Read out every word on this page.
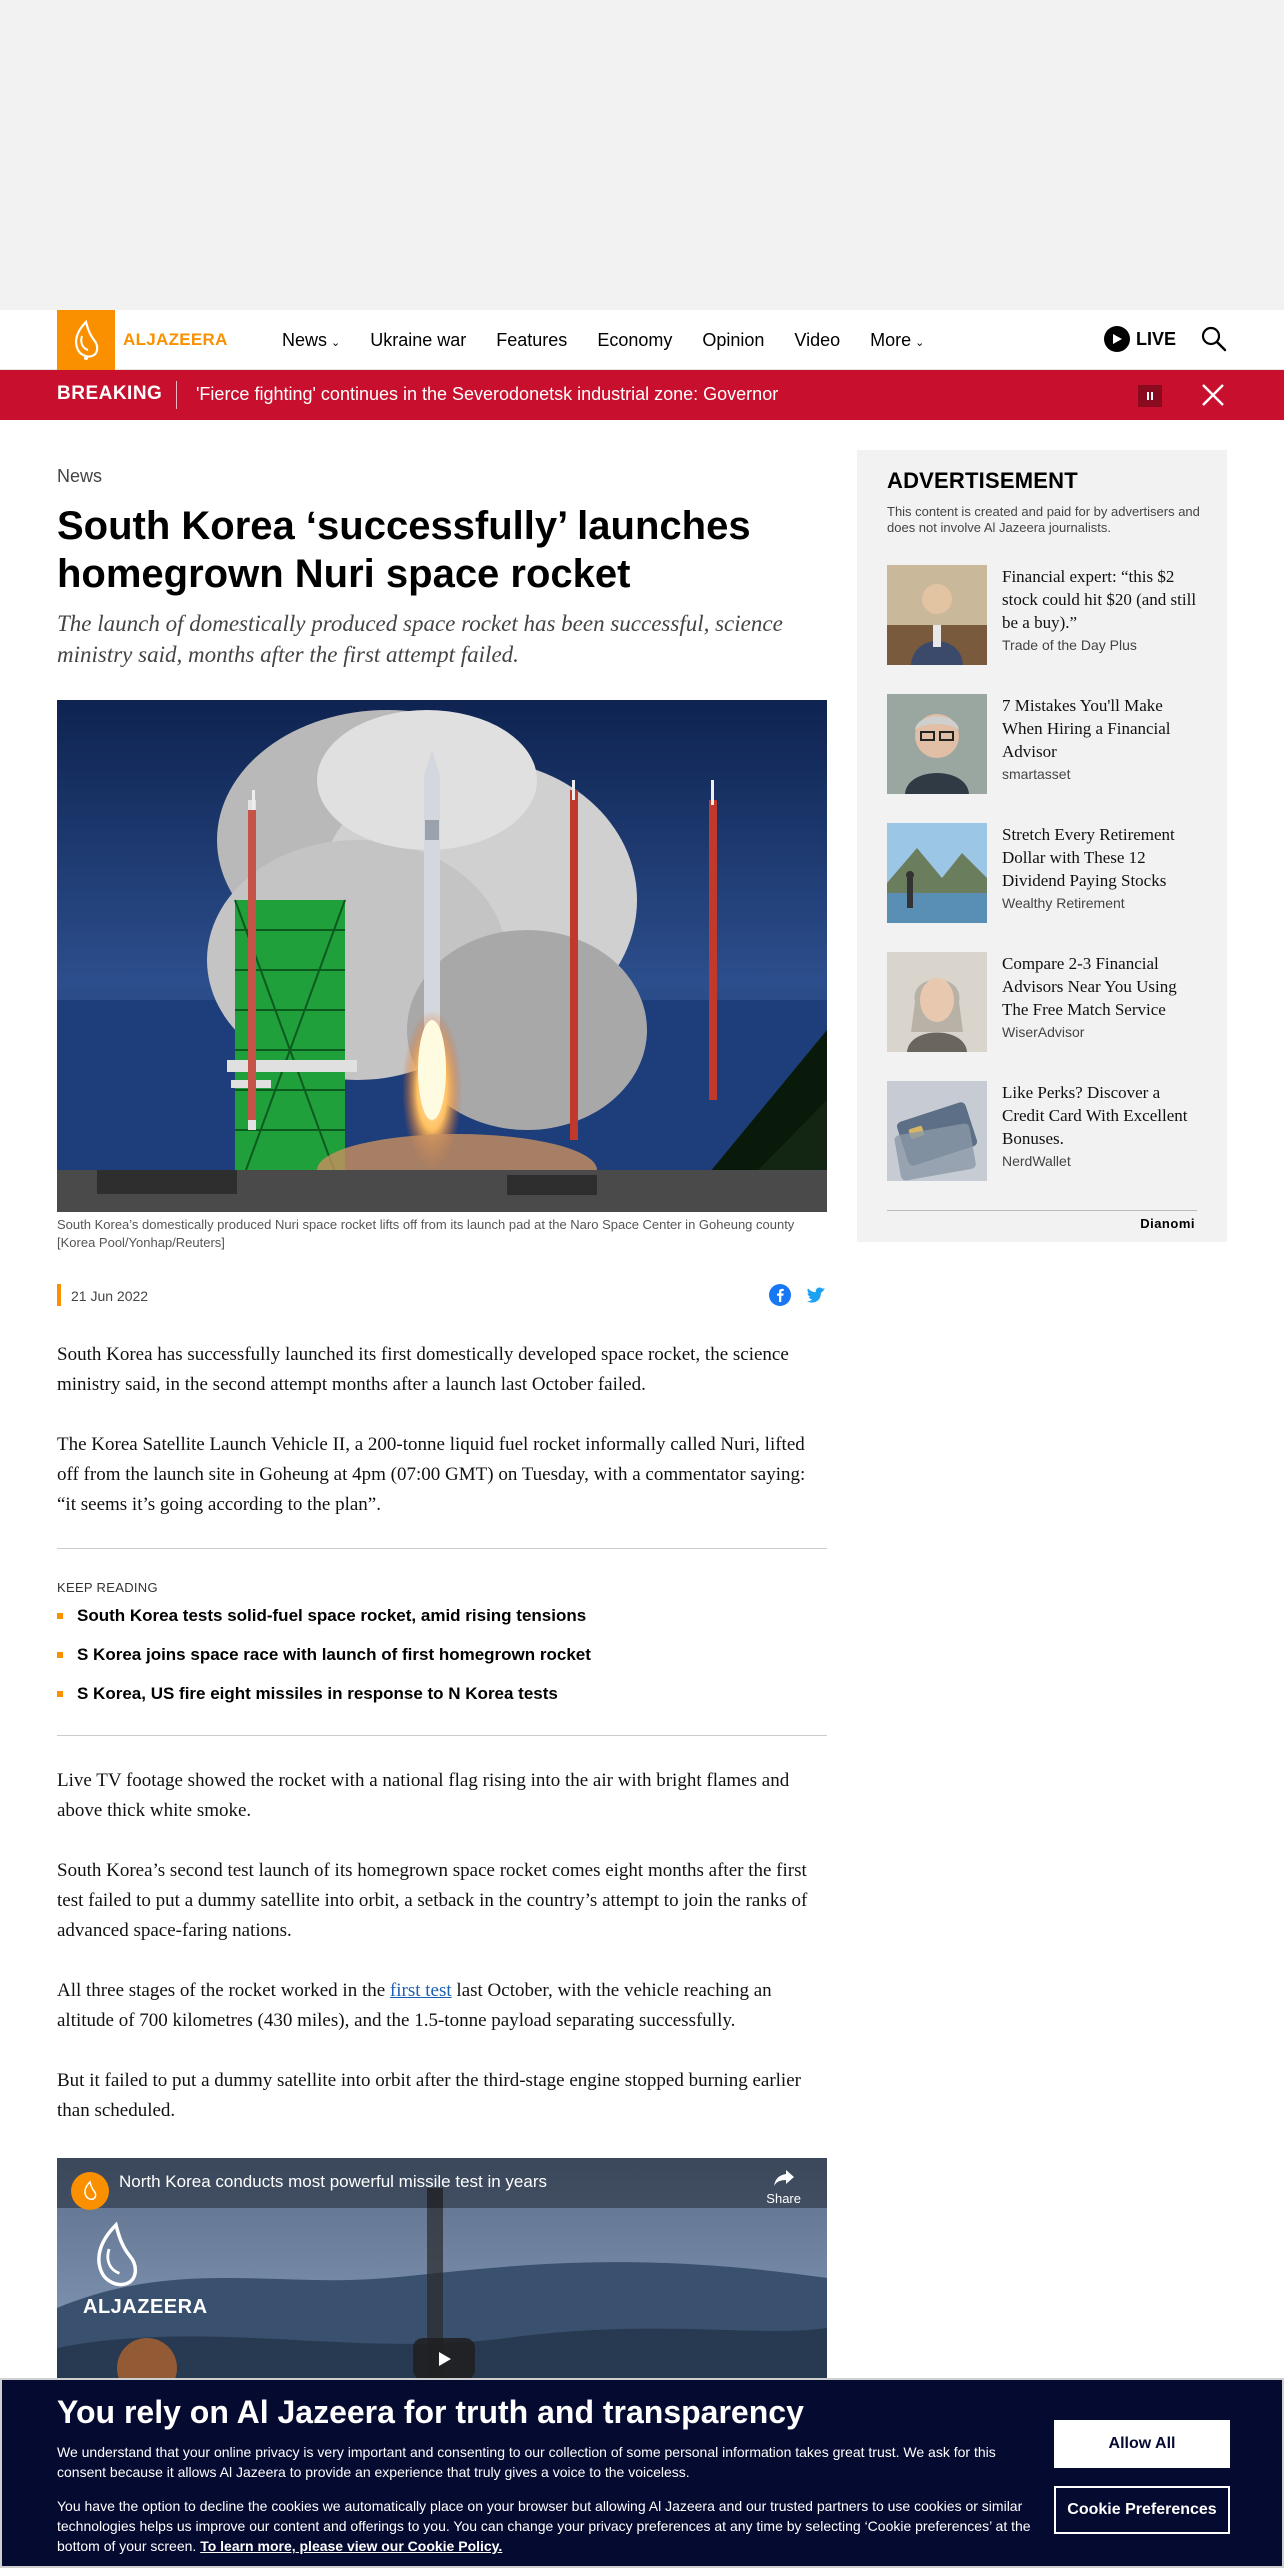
ALJAZEERA	News ⌄ Ukraine war Features Economy Opinion Video More ⌄	LIVE
BREAKING 'Fierce fighting' continues in the Severodonetsk industrial zone: Governor
News
South Korea ‘successfully’ launches homegrown Nuri space rocket

The launch of domestically produced space rocket has been successful, science ministry said, months after the first attempt failed.

South Korea’s domestically produced Nuri space rocket lifts off from its launch pad at the Naro Space Center in Goheung county [Korea Pool/Yonhap/Reuters]

21 Jun 2022

South Korea has successfully launched its first domestically developed space rocket, the science ministry said, in the second attempt months after a launch last October failed.

The Korea Satellite Launch Vehicle II, a 200-tonne liquid fuel rocket informally called Nuri, lifted off from the launch site in Goheung at 4pm (07:00 GMT) on Tuesday, with a commentator saying: “it seems it’s going according to the plan”.

KEEP READING
South Korea tests solid-fuel space rocket, amid rising tensions
S Korea joins space race with launch of first homegrown rocket
S Korea, US fire eight missiles in response to N Korea tests

Live TV footage showed the rocket with a national flag rising into the air with bright flames and above thick white smoke.

South Korea’s second test launch of its homegrown space rocket comes eight months after the first test failed to put a dummy satellite into orbit, a setback in the country’s attempt to join the ranks of advanced space-faring nations.

All three stages of the rocket worked in the first test last October, with the vehicle reaching an altitude of 700 kilometres (430 miles), and the 1.5-tonne payload separating successfully.

But it failed to put a dummy satellite into orbit after the third-stage engine stopped burning earlier than scheduled.

North Korea conducts most powerful missile test in years
Share
ALJAZEERA
ADVERTISEMENT
This content is created and paid for by advertisers and does not involve Al Jazeera journalists.
Financial expert: “this $2 stock could hit $20 (and still be a buy).”
Trade of the Day Plus
7 Mistakes You'll Make When Hiring a Financial Advisor
smartasset
Stretch Every Retirement Dollar with These 12 Dividend Paying Stocks
Wealthy Retirement
Compare 2-3 Financial Advisors Near You Using The Free Match Service
WiserAdvisor
Like Perks? Discover a Credit Card With Excellent Bonuses.
NerdWallet
Dianomi
You rely on Al Jazeera for truth and transparency

We understand that your online privacy is very important and consenting to our collection of some personal information takes great trust. We ask for this consent because it allows Al Jazeera to provide an experience that truly gives a voice to the voiceless.

You have the option to decline the cookies we automatically place on your browser but allowing Al Jazeera and our trusted partners to use cookies or similar technologies helps us improve our content and offerings to you. You can change your privacy preferences at any time by selecting ‘Cookie preferences’ at the bottom of your screen. To learn more, please view our Cookie Policy.

Allow All
Cookie Preferences
